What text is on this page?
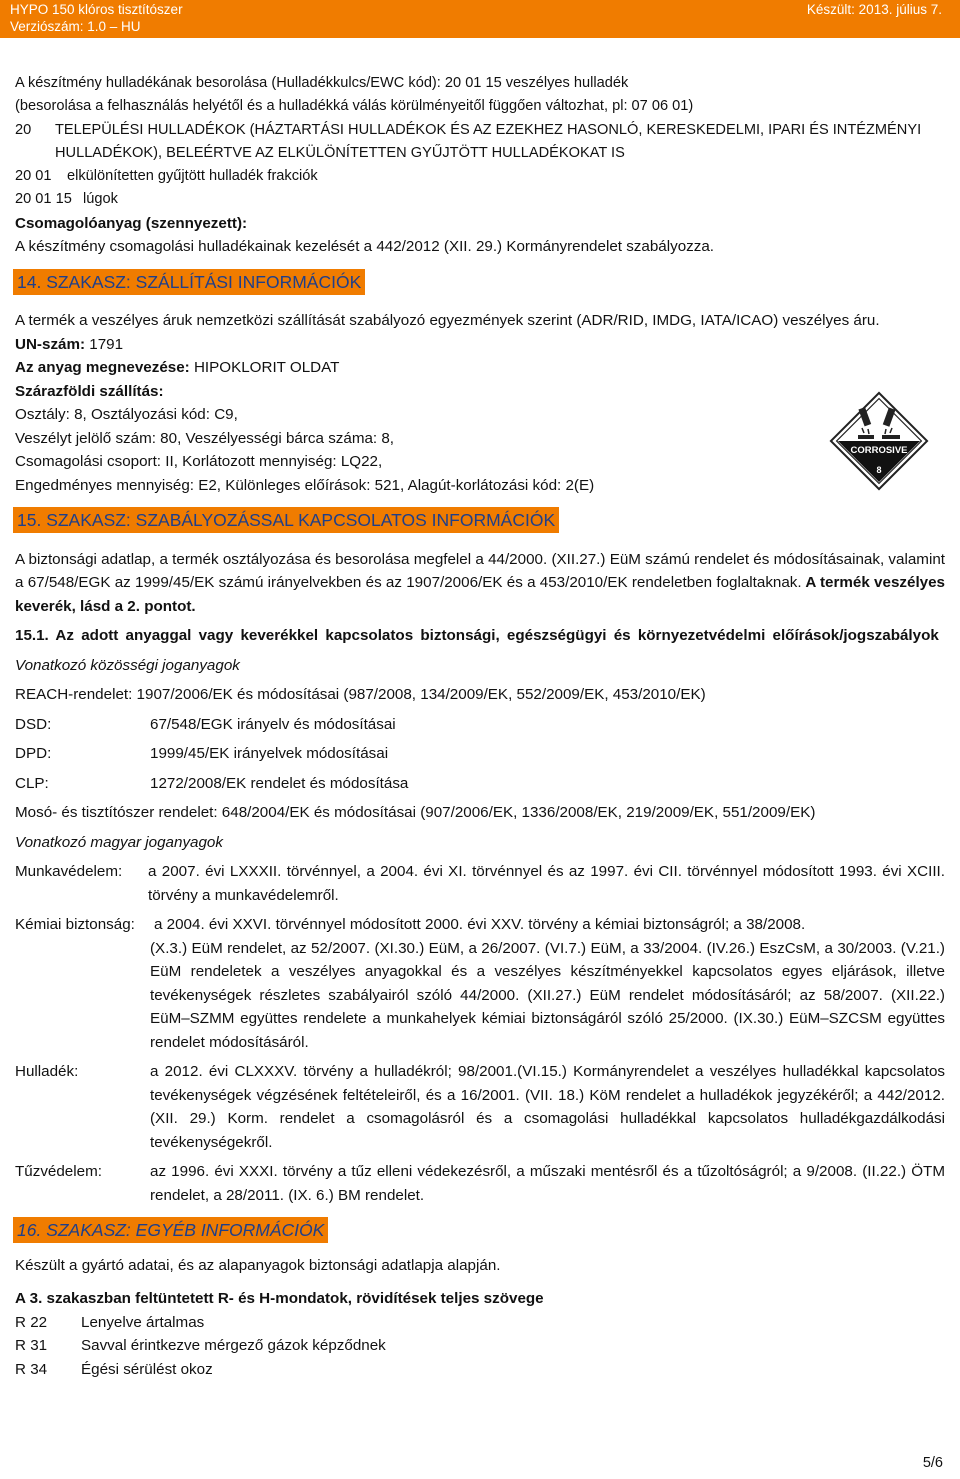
HYPO 150 klóros tisztítószer
Verziószám: 1.0 – HU
Készült: 2013. július 7.

A készítmény hulladékának besorolása (Hulladékkulcs/EWC kód): 20 01 15 veszélyes hulladék

(besorolása a felhasználás helyétől és a hulladékká válás körülményeitől függően változhat, pl: 07 06 01)

20	TELEPÜLÉSI HULLADÉKOK (HÁZTARTÁSI HULLADÉKOK ÉS AZ EZEKHEZ HASONLÓ, KERESKEDELMI, IPARI ÉS INTÉZMÉNYI HULLADÉKOK), BELEÉRTVE AZ ELKÜLÖNÍTETTEN GYŰJTÖTT HULLADÉKOKAT IS
20 01	elkülönítetten gyűjtött hulladék frakciók
20 01 15 lúgok

Csomagolóanyag (szennyezett):

A készítmény csomagolási hulladékainak kezelését a 442/2012 (XII. 29.) Kormányrendelet szabályozza.

14. SZAKASZ: SZÁLLÍTÁSI INFORMÁCIÓK

A termék a veszélyes áruk nemzetközi szállítását szabályozó egyezmények szerint (ADR/RID, IMDG, IATA/ICAO) veszélyes áru.

UN-szám: 1791

Az anyag megnevezése: HIPOKLORIT OLDAT

Szárazföldi szállítás:

Osztály: 8, Osztályozási kód: C9,

Veszélyt jelölő szám: 80, Veszélyességi bárca száma: 8,

Csomagolási csoport: II, Korlátozott mennyiség: LQ22,

Engedményes mennyiség: E2, Különleges előírások: 521, Alagút-korlátozási kód: 2(E)

15. SZAKASZ: SZABÁLYOZÁSSAL KAPCSOLATOS INFORMÁCIÓK

A biztonsági adatlap, a termék osztályozása és besorolása megfelel a 44/2000. (XII.27.) EüM számú rendelet és módosításainak, valamint a 67/548/EGK az 1999/45/EK számú irányelvekben és az 1907/2006/EK és a 453/2010/EK rendeletben foglaltaknak. A termék veszélyes keverék, lásd a 2. pontot.

15.1. Az adott anyaggal vagy keverékkel kapcsolatos biztonsági, egészségügyi és környezetvédelmi előírások/jogszabályok

Vonatkozó közösségi joganyagok

REACH-rendelet: 1907/2006/EK és módosításai (987/2008, 134/2009/EK, 552/2009/EK, 453/2010/EK)

DSD:	67/548/EGK irányelv és módosításai
DPD:	1999/45/EK irányelvek módosításai
CLP:	1272/2008/EK rendelet és módosítása

Mosó- és tisztítószer rendelet: 648/2004/EK és módosításai (907/2006/EK, 1336/2008/EK, 219/2009/EK, 551/2009/EK)

Vonatkozó magyar joganyagok

Munkavédelem:	a 2007. évi LXXXII. törvénnyel, a 2004. évi XI. törvénnyel és az 1997. évi CII. törvénnyel módosított 1993. évi XCIII. törvény a munkavédelemről.
Kémiai biztonság:	a 2004. évi XXVI. törvénnyel módosított 2000. évi XXV. törvény a kémiai biztonságról; a 38/2008.

(X.3.) EüM rendelet, az 52/2007. (XI.30.) EüM, a 26/2007. (VI.7.) EüM, a 33/2004. (IV.26.) EszCsM, a 30/2003. (V.21.) EüM rendeletek a veszélyes anyagokkal és a veszélyes készítményekkel kapcsolatos egyes eljárások, illetve tevékenységek részletes szabályairól szóló 44/2000. (XII.27.) EüM rendelet módosításáról; az 58/2007. (XII.22.) EüM–SZMM együttes rendelete a munkahelyek kémiai biztonságáról szóló 25/2000. (IX.30.) EüM–SZCSM együttes rendelet módosításáról.

Hulladék:	a 2012. évi CLXXXV. törvény a hulladékról; 98/2001.(VI.15.) Kormányrendelet a veszélyes hulladékkal kapcsolatos tevékenységek végzésének feltételeiről, és a 16/2001. (VII. 18.) KöM rendelet a hulladékok jegyzékéről; a 442/2012. (XII. 29.) Korm. rendelet a csomagolásról és a csomagolási hulladékkal kapcsolatos hulladékgazdálkodási tevékenységekről.
Tűzvédelem:	az 1996. évi XXXI. törvény a tűz elleni védekezésről, a műszaki mentésről és a tűzoltóságról; a 9/2008. (II.22.) ÖTM rendelet, a 28/2011. (IX. 6.) BM rendelet.
16. SZAKASZ: EGYÉB INFORMÁCIÓK

Készült a gyártó adatai, és az alapanyagok biztonsági adatlapja alapján.

A 3. szakaszban feltüntetett R- és H-mondatok, rövidítések teljes szövege

R 22	Lenyelve ártalmas
R 31	Savval érintkezve mérgező gázok képződnek
R 34	Égési sérülést okoz
CORROSIVE
8
5/6
